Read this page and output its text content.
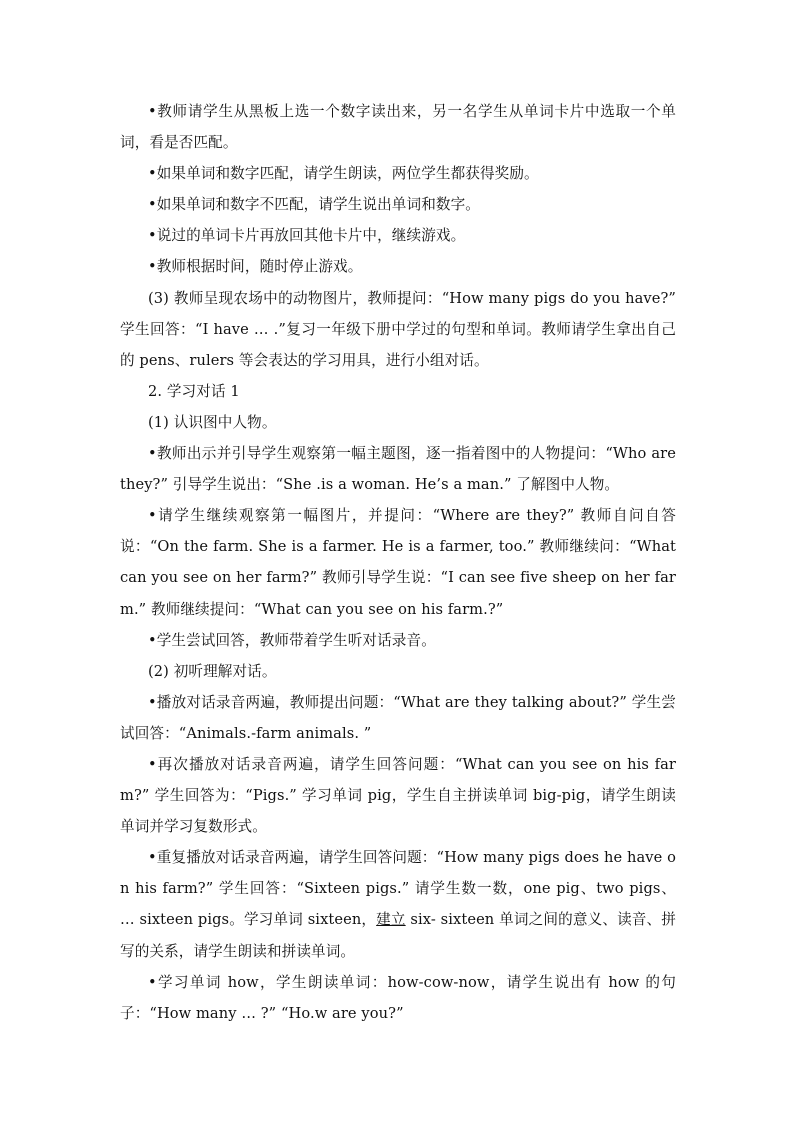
•教师请学生从黑板上选一个数字读出来，另一名学生从单词卡片中选取一个单词，看是否匹配。

•如果单词和数字匹配，请学生朗读，两位学生都获得奖励。

•如果单词和数字不匹配，请学生说出单词和数字。

•说过的单词卡片再放回其他卡片中，继续游戏。

•教师根据时间，随时停止游戏。

(3) 教师呈现农场中的动物图片，教师提问：“How many pigs do you have?” 学生回答：“I have … .”复习一年级下册中学过的句型和单词。教师请学生拿出自己的 pens、rulers 等会表达的学习用具，进行小组对话。

2. 学习对话 1

(1) 认识图中人物。

•教师出示并引导学生观察第一幅主题图，逐一指着图中的人物提问：“Who are they?” 引导学生说出：“She .is a woman. He’s a man.” 了解图中人物。

•请学生继续观察第一幅图片，并提问：“Where are they?” 教师自问自答说：“On the farm. She is a farmer. He is a farmer, too.” 教师继续问：“What can you see on her farm?” 教师引导学生说：“I can see five sheep on her farm.” 教师继续提问：“What can you see on his farm.?”

•学生尝试回答，教师带着学生听对话录音。

(2) 初听理解对话。

•播放对话录音两遍，教师提出问题：“What are they talking about?” 学生尝试回答：“Animals.-farm animals. ”

•再次播放对话录音两遍，请学生回答问题：“What can you see on his farm?” 学生回答为：“Pigs.” 学习单词 pig，学生自主拼读单词 big-pig，请学生朗读单词并学习复数形式。

•重复播放对话录音两遍，请学生回答问题：“How many pigs does he have on his farm?” 学生回答：“Sixteen pigs.” 请学生数一数，one pig、two pigs、 … sixteen pigs。学习单词 sixteen，建立 six- sixteen 单词之间的意义、读音、拼写的关系，请学生朗读和拼读单词。

•学习单词 how，学生朗读单词：how-cow-now，请学生说出有 how 的句子：“How many … ?” “Ho.w are you?”
